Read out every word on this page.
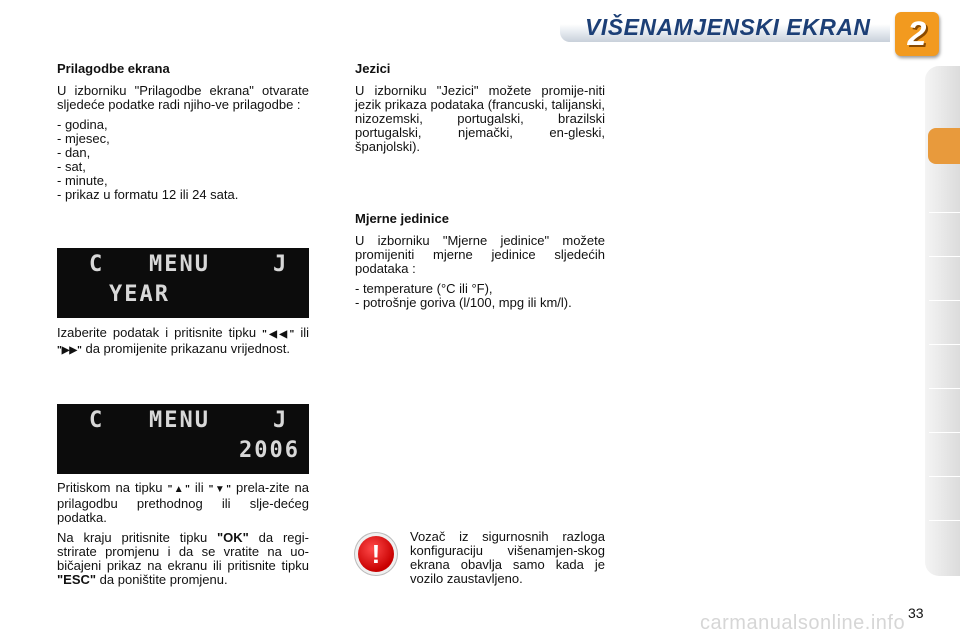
VIŠENAMJENSKI EKRAN 2

Prilagodbe ekrana

U izborniku "Prilagodbe ekrana" otvarate sljedeće podatke radi njiho-ve prilagodbe :

- godina,
- mjesec,
- dan,
- sat,
- minute,
- prikaz u formatu 12 ili 24 sata.
C MENU	J
YEAR
Izaberite podatak i pritisnite tipku "◀◀" ili "▶▶" da promijenite prikazanu vrijednost.
C MENU	J
2006

Pritiskom na tipku "▲" ili "▼" prela-zite na prilagodbu prethodnog ili slje-dećeg podatka.

Na kraju pritisnite tipku "OK" da regi-strirate promjenu i da se vratite na uo-bičajeni prikaz na ekranu ili pritisnite tipku "ESC" da poništite promjenu.

Jezici

U izborniku "Jezici" možete promije-niti jezik prikaza podataka (francuski, talijanski, nizozemski, portugalski, brazilski portugalski, njemački, en-gleski, španjolski).

Mjerne jedinice

U izborniku "Mjerne jedinice" možete promijeniti mjerne jedinice sljedećih podataka :

- temperature (°C ili °F),
- potrošnje goriva (l/100, mpg ili km/l).
!
Vozač iz sigurnosnih razloga konfiguraciju višenamjen-skog ekrana obavlja samo kada je vozilo zaustavljeno.
carmanualsonline.info 33
